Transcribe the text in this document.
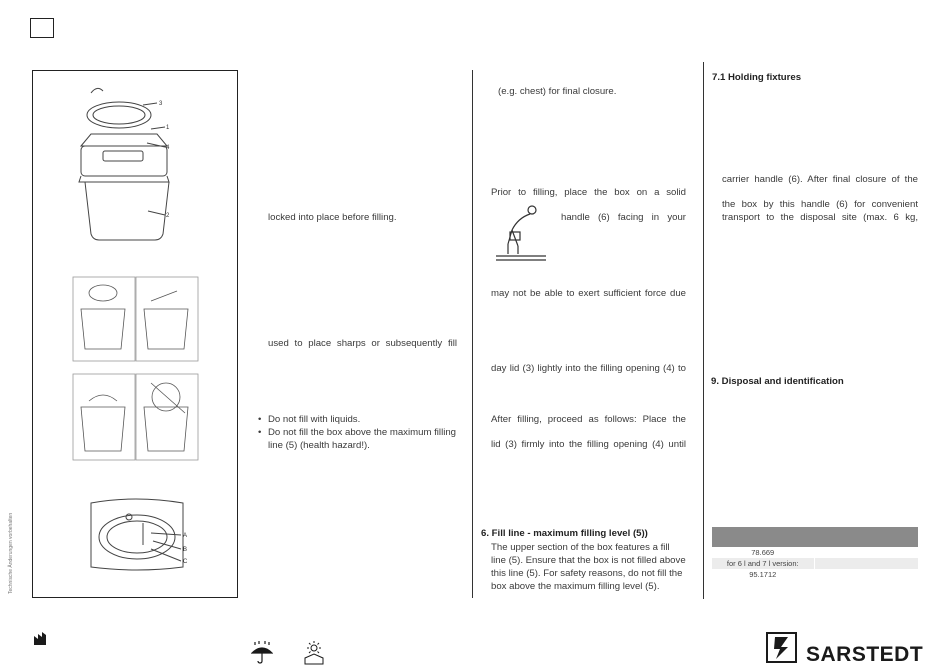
Technische Änderungen vorbehalten
3
1
4
2
A
B
C
locked into place before filling.
used to place sharps or subsequently fill
• Do not fill with liquids.
• Do not fill the box above the maximum filling line (5) (health hazard!).
(e.g. chest) for final closure.
Prior to filling, place the box on a solid
handle (6) facing in your
may not be able to exert sufficient force due
day lid (3) lightly into the filling opening (4) to
After filling, proceed as follows: Place the
lid (3) firmly into the filling opening (4) until
6. Fill line - maximum filling level (5))
The upper section of the box features a fill
line (5). Ensure that the box is not filled above
this line (5). For safety reasons, do not fill the
box above the maximum filling level (5).
7.1 Holding fixtures
carrier handle (6). After final closure of the
the box by this handle (6) for convenient
transport to the disposal site (max. 6 kg,
9. Disposal and identification

78.669	
for 6 l and 7 l version:	
95.1712	
SARSTEDT
